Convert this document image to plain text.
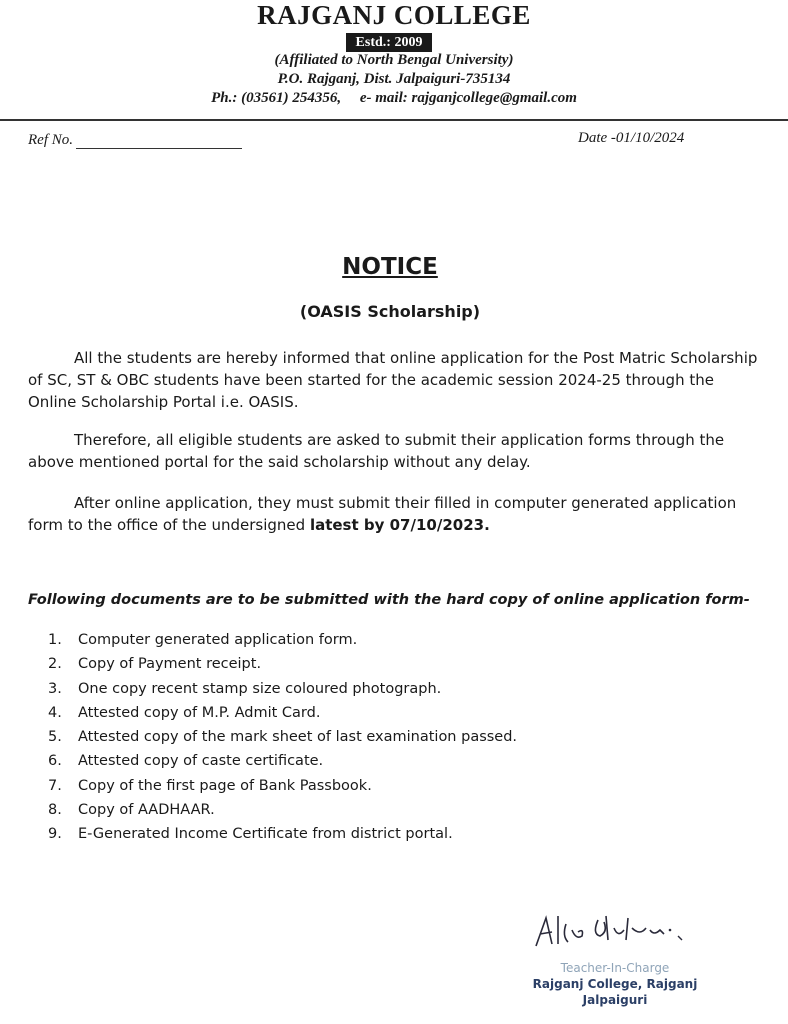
RAJGANJ COLLEGE
Estd.: 2009
(Affiliated to North Bengal University)
P.O. Rajganj, Dist. Jalpaiguri-735134
Ph.: (03561) 254356, e- mail: rajganjcollege@gmail.com
Ref No.	Date -01/10/2024
NOTICE
(OASIS Scholarship)

All the students are hereby informed that online application for the Post Matric Scholarship of SC, ST & OBC students have been started for the academic session 2024-25 through the Online Scholarship Portal i.e. OASIS.

Therefore, all eligible students are asked to submit their application forms through the above mentioned portal for the said scholarship without any delay.

After online application, they must submit their filled in computer generated application form to the office of the undersigned latest by 07/10/2023.

Following documents are to be submitted with the hard copy of online application form-
1. Computer generated application form.
2. Copy of Payment receipt.
3. One copy recent stamp size coloured photograph.
4. Attested copy of M.P. Admit Card.
5. Attested copy of the mark sheet of last examination passed.
6. Attested copy of caste certificate.
7. Copy of the first page of Bank Passbook.
8. Copy of AADHAAR.
9. E-Generated Income Certificate from district portal.
Teacher-In-Charge
Rajganj College, Rajganj
Jalpaiguri
